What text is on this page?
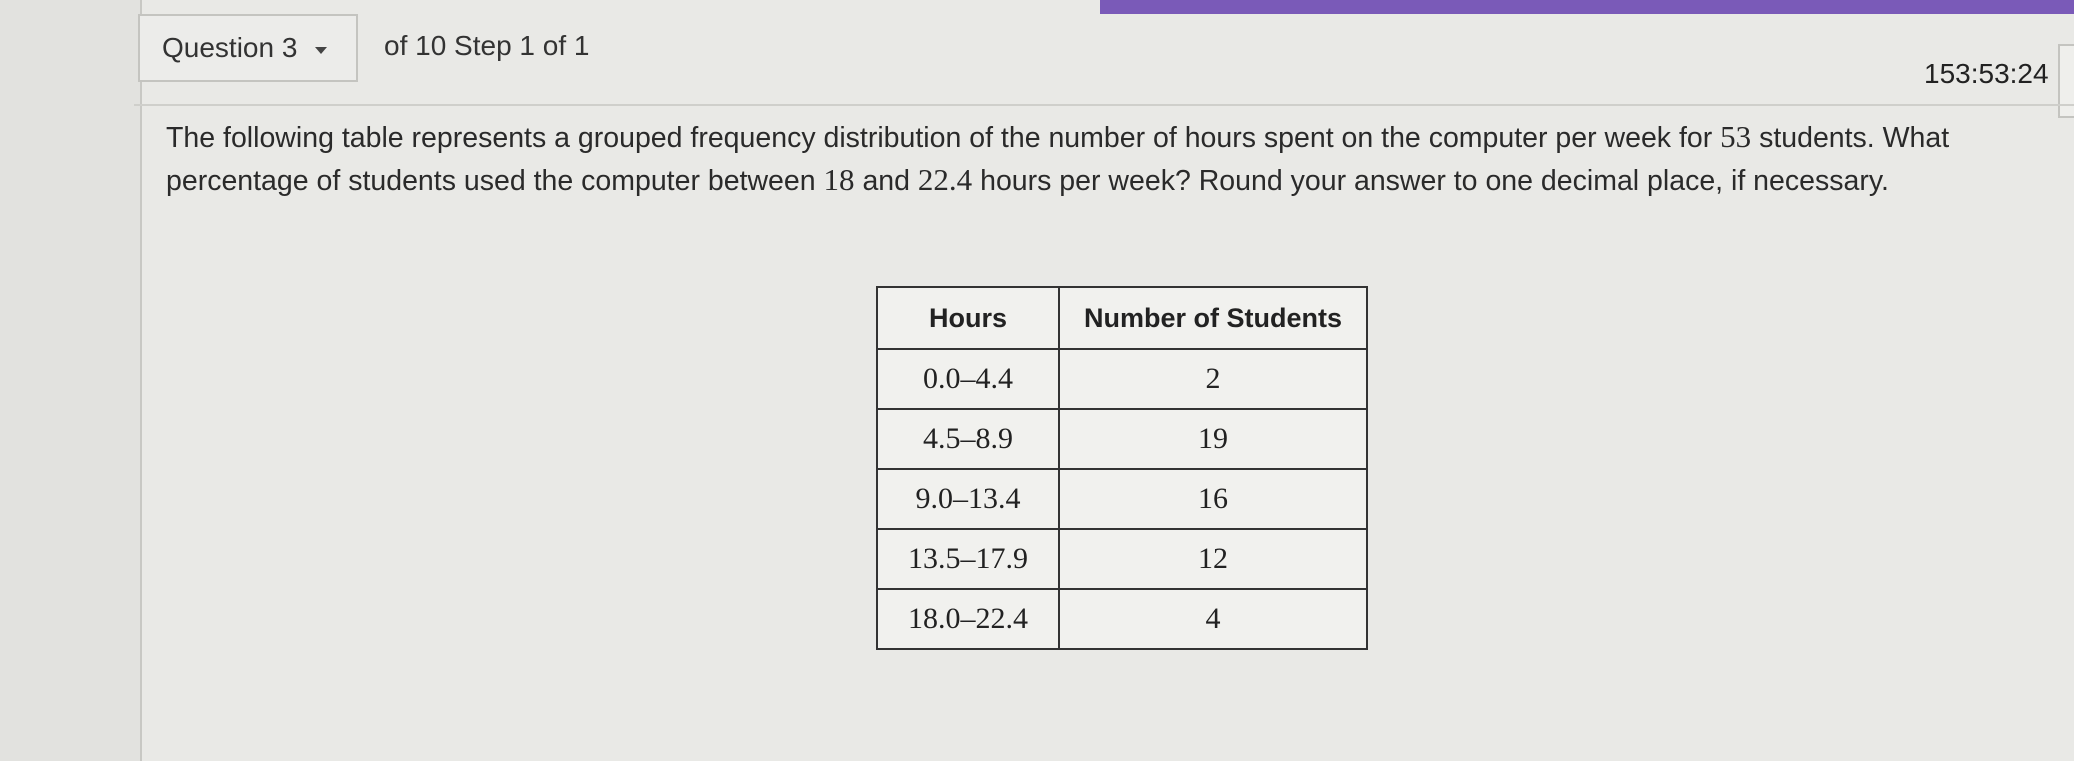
Question 3	of 10 Step 1 of 1
153:53:24
The following table represents a grouped frequency distribution of the number of hours spent on the computer per week for 53 students. What percentage of students used the computer between 18 and 22.4 hours per week? Round your answer to one decimal place, if necessary.
Hours	Number of Students
0.0–4.4	2
4.5–8.9	19
9.0–13.4	16
13.5–17.9	12
18.0–22.4	4
